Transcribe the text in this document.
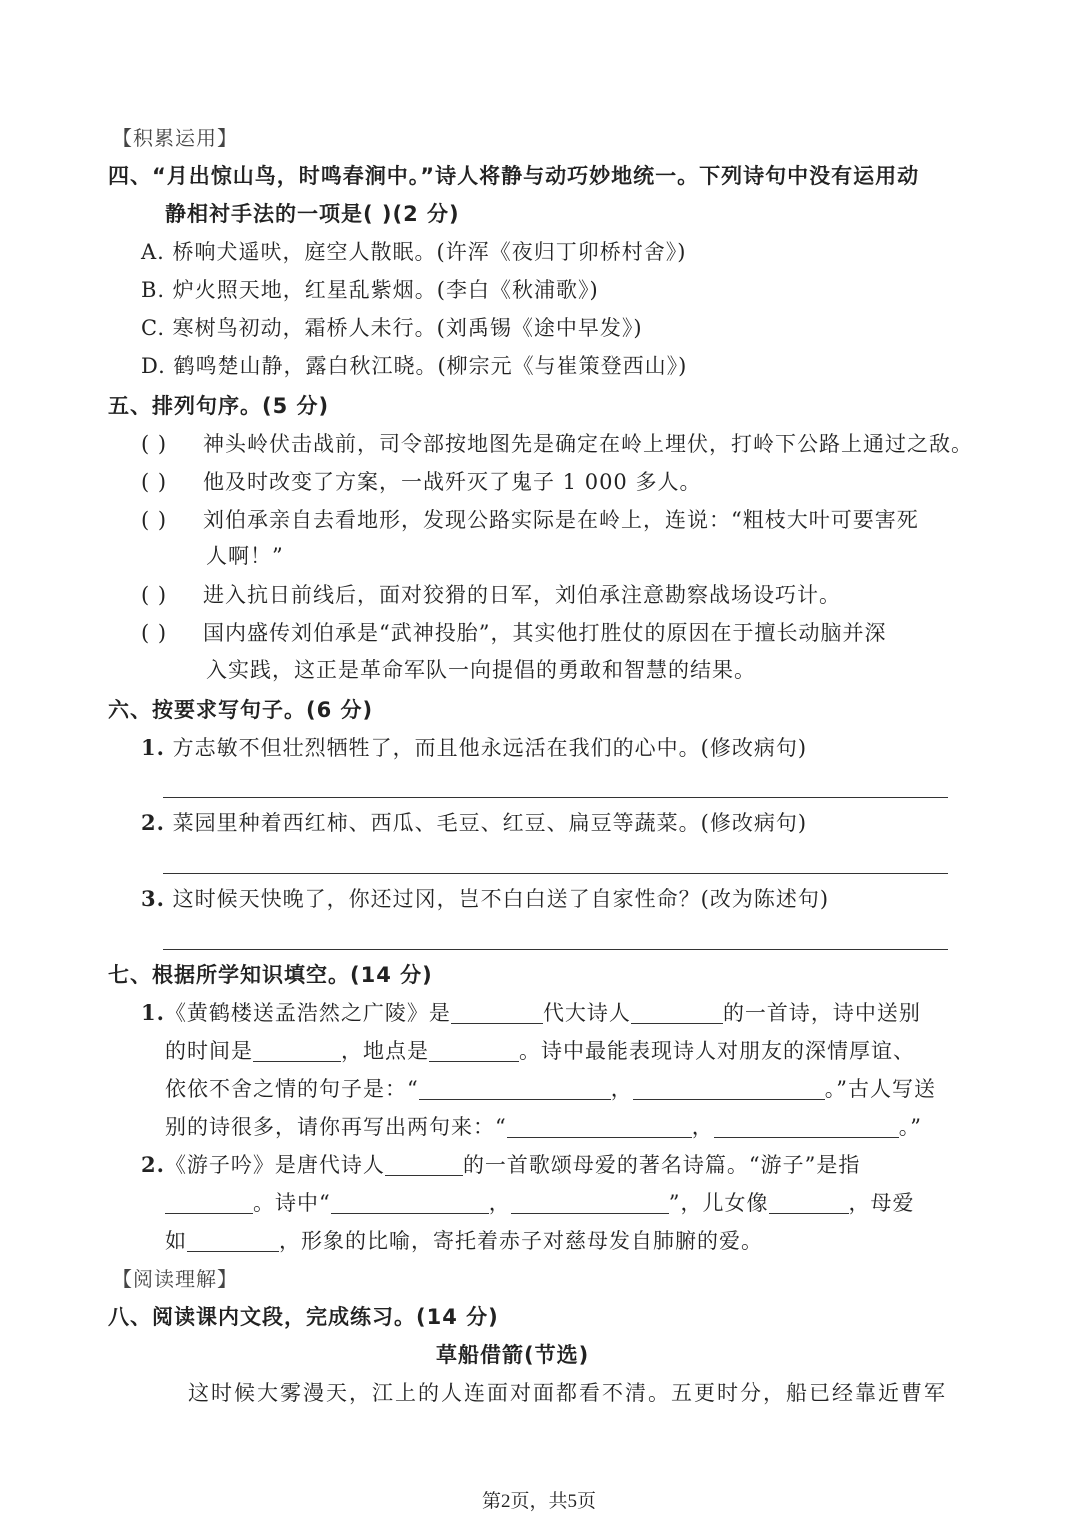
【积累运用】
四、“月出惊山鸟，时鸣春涧中。”诗人将静与动巧妙地统一。下列诗句中没有运用动
静相衬手法的一项是( )(2 分)
A. 桥响犬遥吠，庭空人散眠。(许浑《夜归丁卯桥村舍》)
B. 炉火照天地，红星乱紫烟。(李白《秋浦歌》)
C. 寒树鸟初动，霜桥人未行。(刘禹锡《途中早发》)
D. 鹤鸣楚山静，露白秋江晓。(柳宗元《与崔策登西山》)
五、排列句序。(5 分)
( ) 神头岭伏击战前，司令部按地图先是确定在岭上埋伏，打岭下公路上通过之敌。
( ) 他及时改变了方案，一战歼灭了鬼子 1 000 多人。
( ) 刘伯承亲自去看地形，发现公路实际是在岭上，连说：“粗枝大叶可要害死
人啊！”
( ) 进入抗日前线后，面对狡猾的日军，刘伯承注意勘察战场设巧计。
( ) 国内盛传刘伯承是“武神投胎”，其实他打胜仗的原因在于擅长动脑并深
入实践，这正是革命军队一向提倡的勇敢和智慧的结果。
六、按要求写句子。(6 分)
1. 方志敏不但壮烈牺牲了，而且他永远活在我们的心中。(修改病句)
2. 菜园里种着西红柿、西瓜、毛豆、红豆、扁豆等蔬菜。(修改病句)
3. 这时候天快晚了，你还过冈，岂不白白送了自家性命？(改为陈述句)
七、根据所学知识填空。(14 分)
1.《黄鹤楼送孟浩然之广陵》是	代大诗人	的一首诗，诗中送别
的时间是	，地点是	。诗中最能表现诗人对朋友的深情厚谊、
依依不舍之情的句子是：“	，	。”古人写送
别的诗很多，请你再写出两句来：“	，	。”
2.《游子吟》是唐代诗人	的一首歌颂母爱的著名诗篇。“游子”是指
。诗中“	，	”，儿女像	，母爱
如	，形象的比喻，寄托着赤子对慈母发自肺腑的爱。
【阅读理解】
八、阅读课内文段，完成练习。(14 分)
草船借箭(节选)
这时候大雾漫天，江上的人连面对面都看不清。五更时分，船已经靠近曹军
第2页，共5页
